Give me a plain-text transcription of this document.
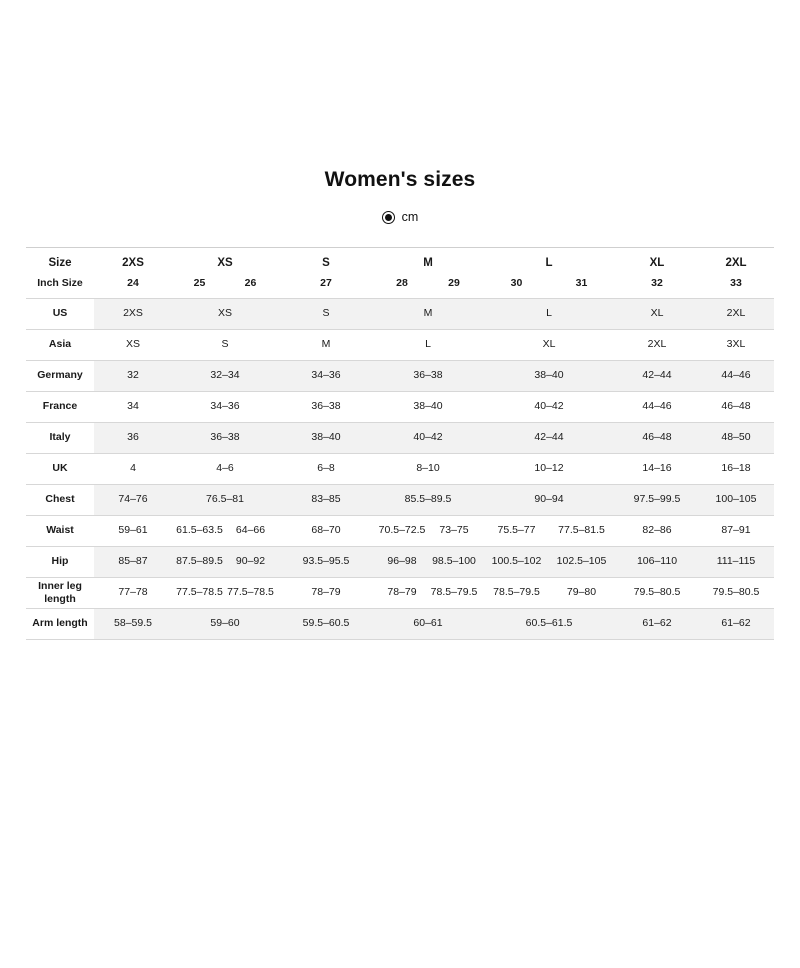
Women's sizes
cm
Size	2XS	XS	S	M	L	XL	2XL
Inch Size	24	25 26	27	28 29	30 31	32	33

US	2XS	XS	S	M	L	XL	2XL

Asia	XS	S	M	L	XL	2XL	3XL

Germany	32	32–34	34–36	36–38	38–40	42–44	44–46

France	34	34–36	36–38	38–40	40–42	44–46	46–48

Italy	36	36–38	38–40	40–42	42–44	46–48	48–50

UK	4	4–6	6–8	8–10	10–12	14–16	16–18

Chest	74–76	76.5–81	83–85	85.5–89.5	90–94	97.5–99.5	100–105

Waist	59–61	61.5–63.5 64–66	68–70	70.5–72.5 73–75	75.5–77 77.5–81.5	82–86	87–91

Hip	85–87	87.5–89.5 90–92	93.5–95.5	96–98 98.5–100	100.5–102 102.5–105	106–110	111–115

Inner leg length	77–78	77.5–78.5 77.5–78.5	78–79	78–79 78.5–79.5	78.5–79.5 79–80	79.5–80.5	79.5–80.5

Arm length	58–59.5	59–60	59.5–60.5	60–61	60.5–61.5	61–62	61–62
